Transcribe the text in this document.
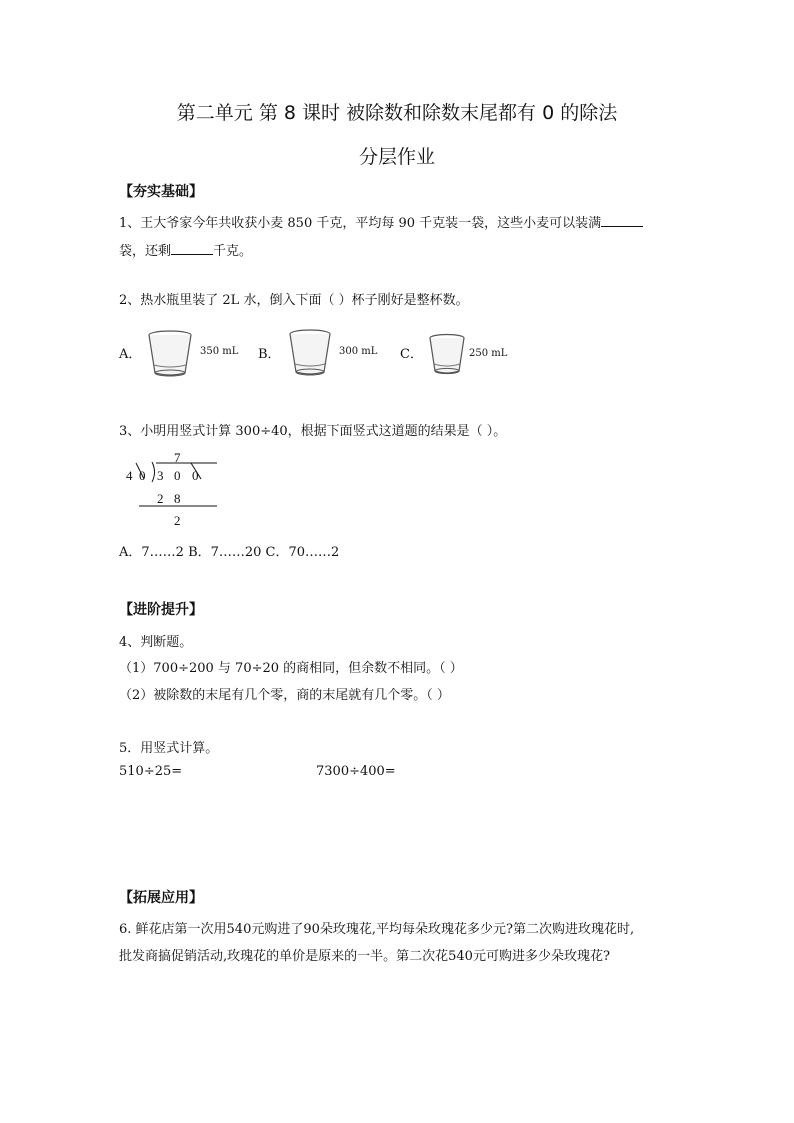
第二单元 第 8 课时 被除数和除数末尾都有 0 的除法
分层作业
【夯实基础】
1、王大爷家今年共收获小麦 850 千克，平均每 90 千克装一袋，这些小麦可以装满
袋，还剩	千克。
2、热水瓶里装了 2L 水，倒入下面（ ）杯子刚好是整杯数。
A．	350 mL B．	300 mL C．	250 mL
3、小明用竖式计算 300÷40，根据下面竖式这道题的结果是（ ）。
7
4 0 3 0 0
2 8
2
A．7……2 B．7……20 C．70……2
【进阶提升】
4、判断题。
（1）700÷200 与 70÷20 的商相同，但余数不相同。（ ）
（2）被除数的末尾有几个零，商的末尾就有几个零。（ ）
5．用竖式计算。
510÷25=	7300÷400=
【拓展应用】
6. 鲜花店第一次用540元购进了90朵玫瑰花,平均每朵玫瑰花多少元?第二次购进玫瑰花时,
批发商搞促销活动,玫瑰花的单价是原来的一半。第二次花540元可购进多少朵玫瑰花?
